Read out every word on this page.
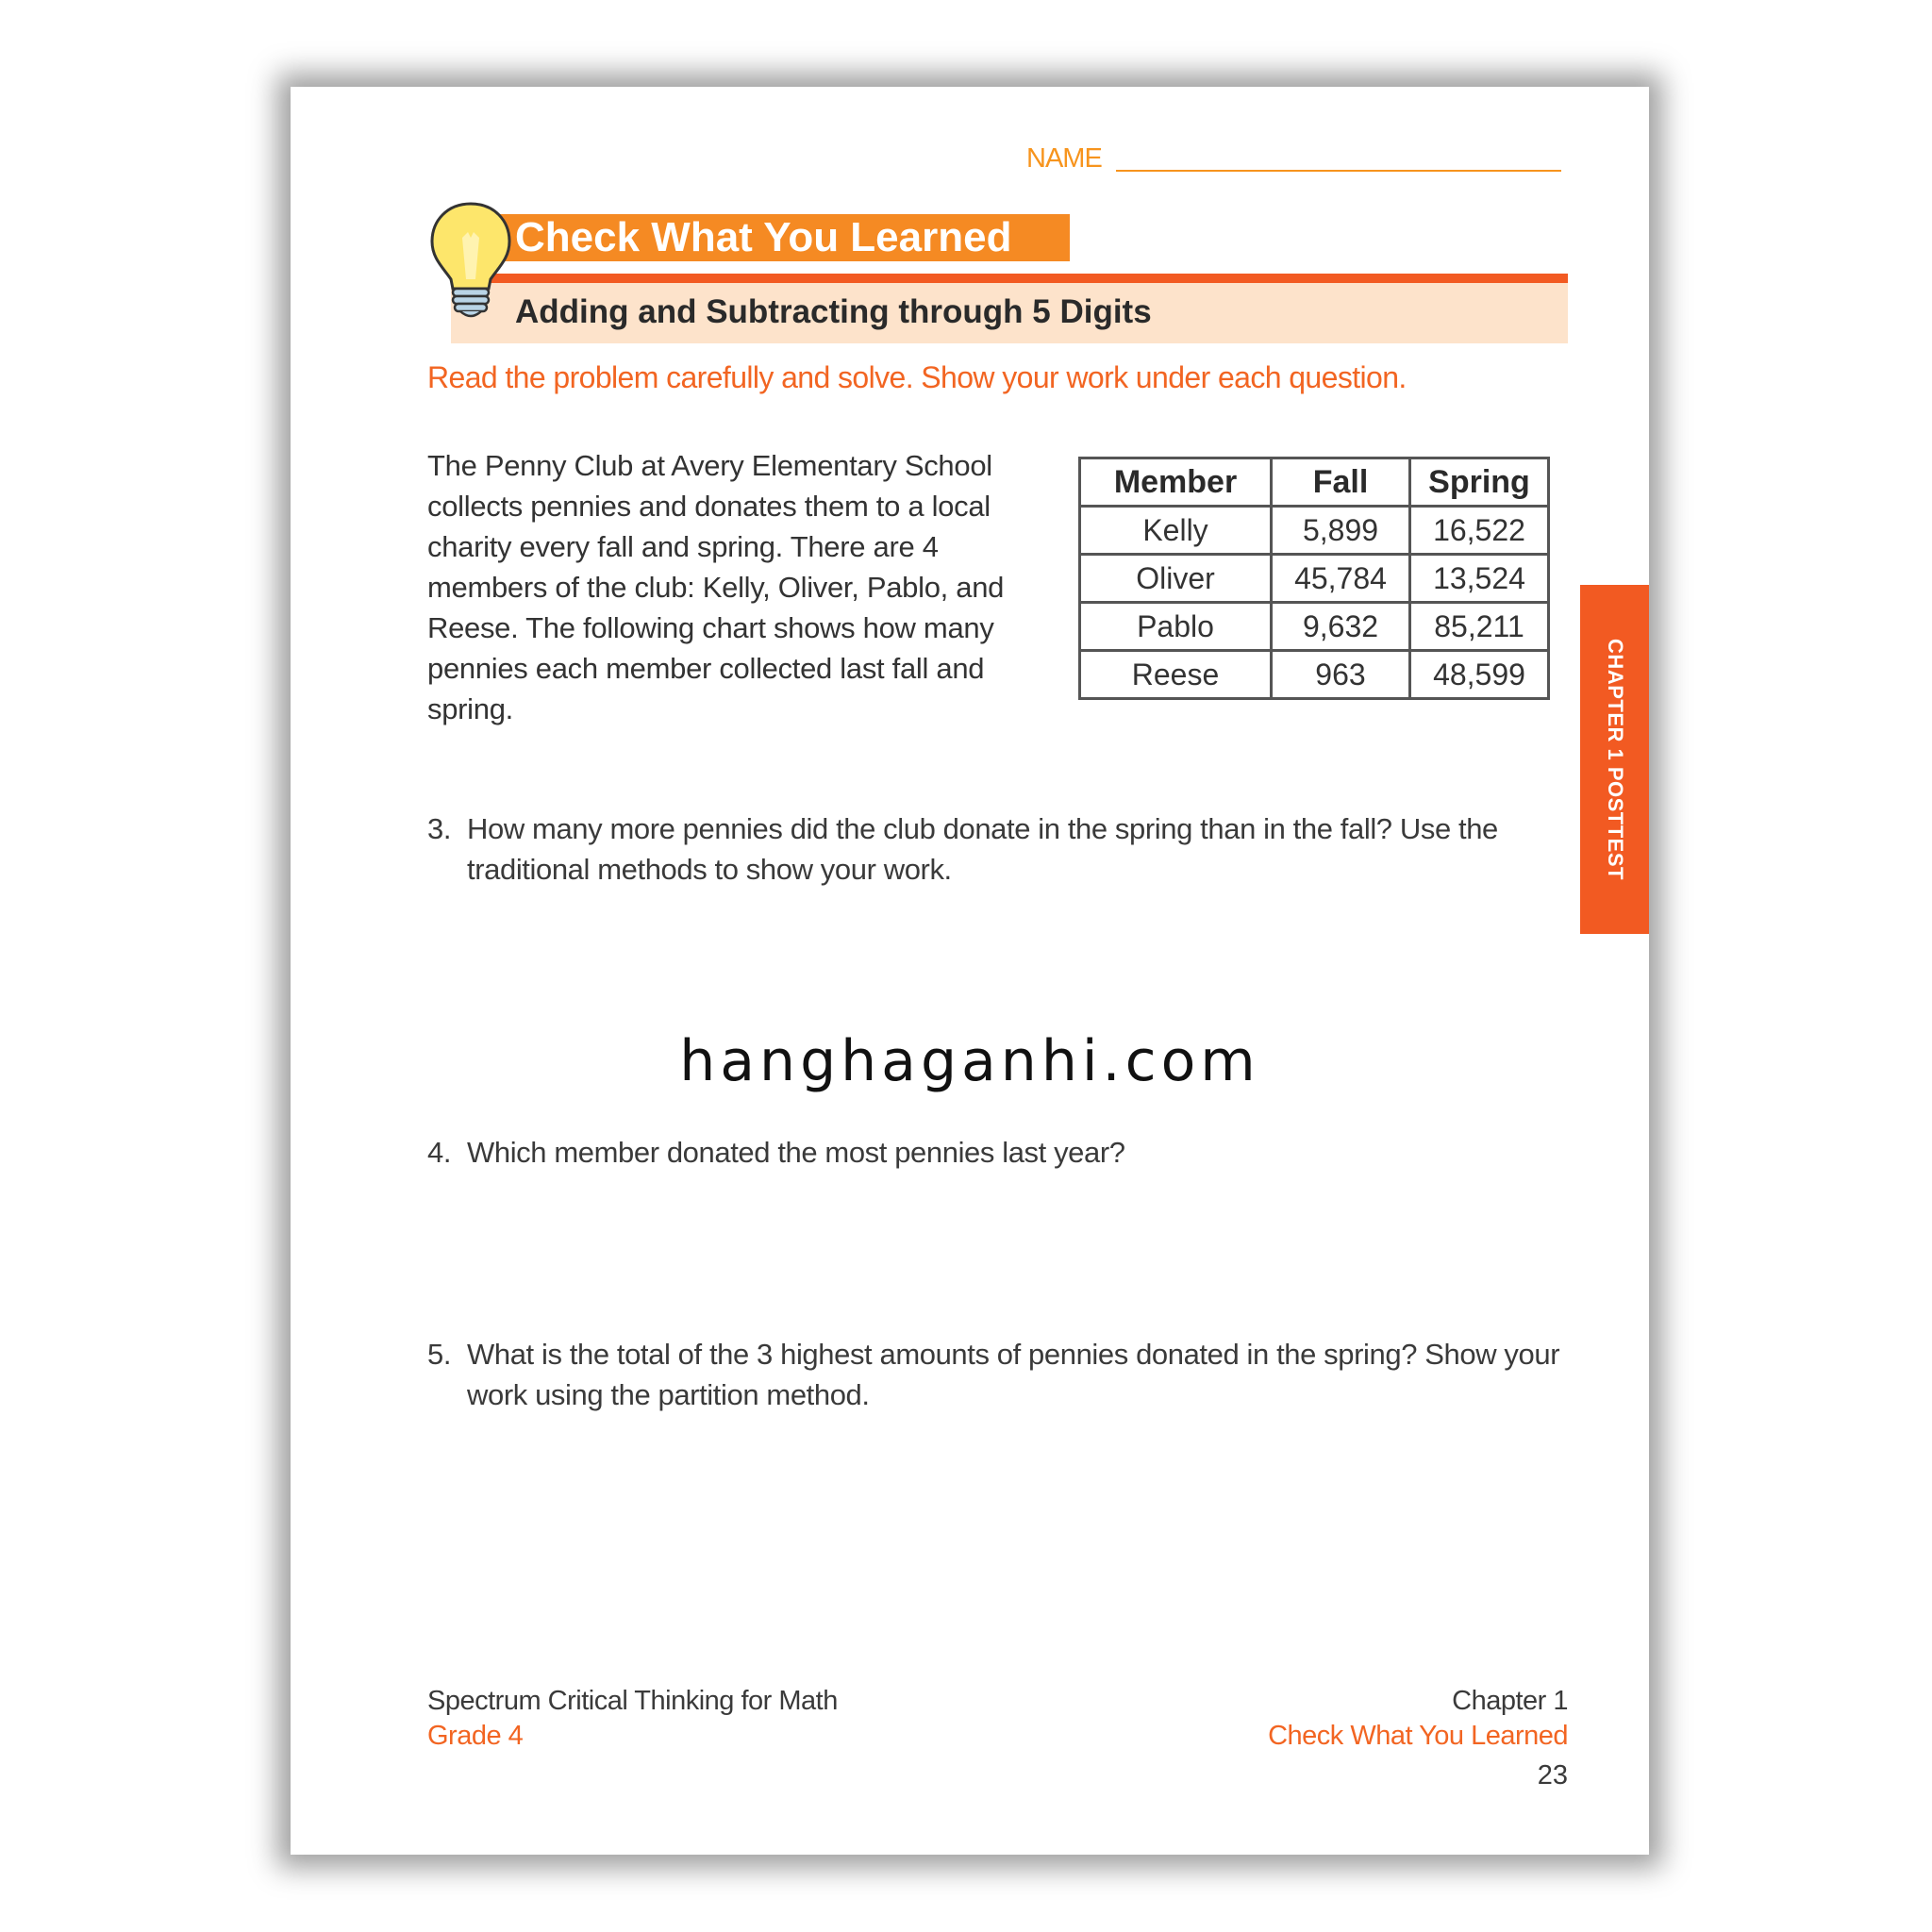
NAME
Check What You Learned
Adding and Subtracting through 5 Digits
Read the problem carefully and solve. Show your work under each question.
The Penny Club at Avery Elementary School collects pennies and donates them to a local charity every fall and spring. There are 4 members of the club: Kelly, Oliver, Pablo, and Reese. The following chart shows how many pennies each member collected last fall and spring.
Member	Fall	Spring
Kelly	5,899	16,522
Oliver	45,784	13,524
Pablo	9,632	85,211
Reese	963	48,599	CHAPTER 1 POSTTEST
3. How many more pennies did the club donate in the spring than in the fall? Use the traditional methods to show your work.
hanghaganhi.com
4. Which member donated the most pennies last year?
5. What is the total of the 3 highest amounts of pennies donated in the spring? Show your work using the partition method.
Spectrum Critical Thinking for Math
Grade 4
Chapter 1
Check What You Learned
23
